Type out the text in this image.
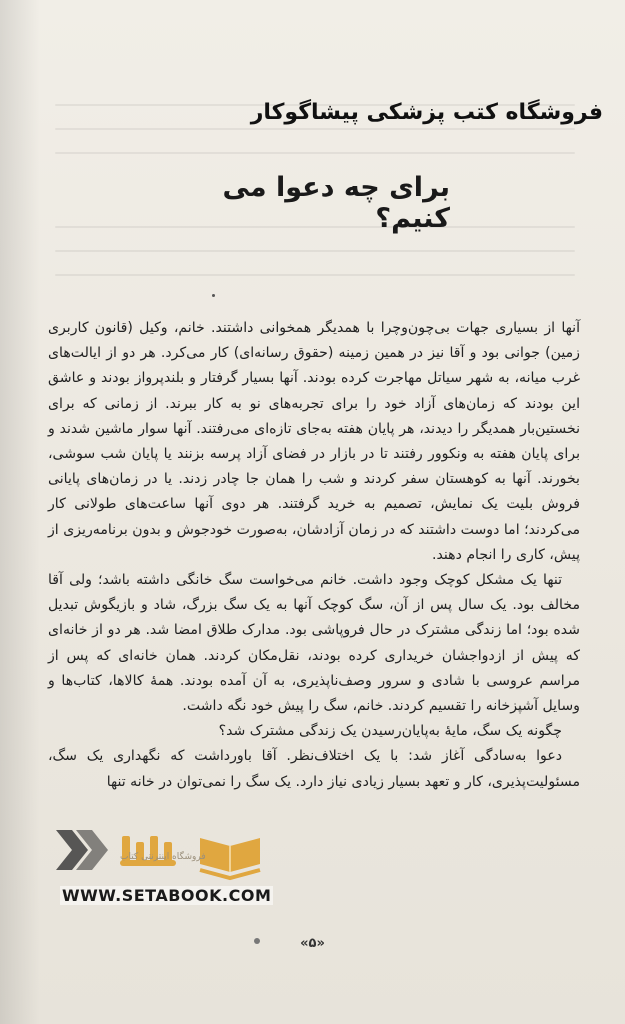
فروشگاه کتب پزشکی پیشاگوکار
برای چه دعوا می کنیم؟

آنها از بسیاری جهات بی‌چون‌وچرا با همدیگر همخوانی داشتند. خانم، وکیل (قانون کاربری زمین) جوانی بود و آقا نیز در همین زمینه (حقوق رسانه‌ای) کار می‌کرد. هر دو از ایالت‌های غرب میانه، به شهر سیاتل مهاجرت کرده بودند. آنها بسیار گرفتار و بلندپرواز بودند و عاشق این بودند که زمان‌های آزاد خود را برای تجربه‌های نو به کار ببرند. از زمانی که برای نخستین‌بار همدیگر را دیدند، هر پایان هفته به‌جای تازه‌ای می‌رفتند. آنها سوار ماشین شدند و برای پایان هفته به ونکوور رفتند تا در بازار در فضای آزاد پرسه بزنند یا پایان شب سوشی، بخورند. آنها به کوهستان سفر کردند و شب را همان جا چادر زدند. یا در زمان‌های پایانی فروش بلیت یک نمایش، تصمیم به خرید گرفتند. هر دوی آنها ساعت‌های طولانی کار می‌کردند؛ اما دوست داشتند که در زمان آزادشان، به‌صورت خودجوش و بدون برنامه‌ریزی از پیش، کاری را انجام دهند.

تنها یک مشکل کوچک وجود داشت. خانم می‌خواست سگ خانگی داشته باشد؛ ولی آقا مخالف بود. یک سال پس از آن، سگ کوچک آنها به یک سگ بزرگ، شاد و بازیگوش تبدیل شده بود؛ اما زندگی مشترک در حال فروپاشی بود. مدارک طلاق امضا شد. هر دو از خانه‌ای که پیش از ازدواجشان خریداری کرده بودند، نقل‌مکان کردند. همان خانه‌ای که پس از مراسم عروسی با شادی و سرور وصف‌ناپذیری، به آن آمده بودند. همهٔ کالاها، کتاب‌ها و وسایل آشپزخانه را تقسیم کردند. خانم، سگ را پیش خود نگه داشت.

چگونه یک سگ، مایهٔ به‌پایان‌رسیدن یک زندگی مشترک شد؟

دعوا به‌سادگی آغاز شد: با یک اختلاف‌نظر. آقا باورداشت که نگهداری یک سگ، مسئولیت‌پذیری، کار و تعهد بسیار زیادی نیاز دارد. یک سگ را نمی‌توان در خانه تنها

فروشگاه اینترنتی کتاب
WWW.SETABOOK.COM
«۵»
